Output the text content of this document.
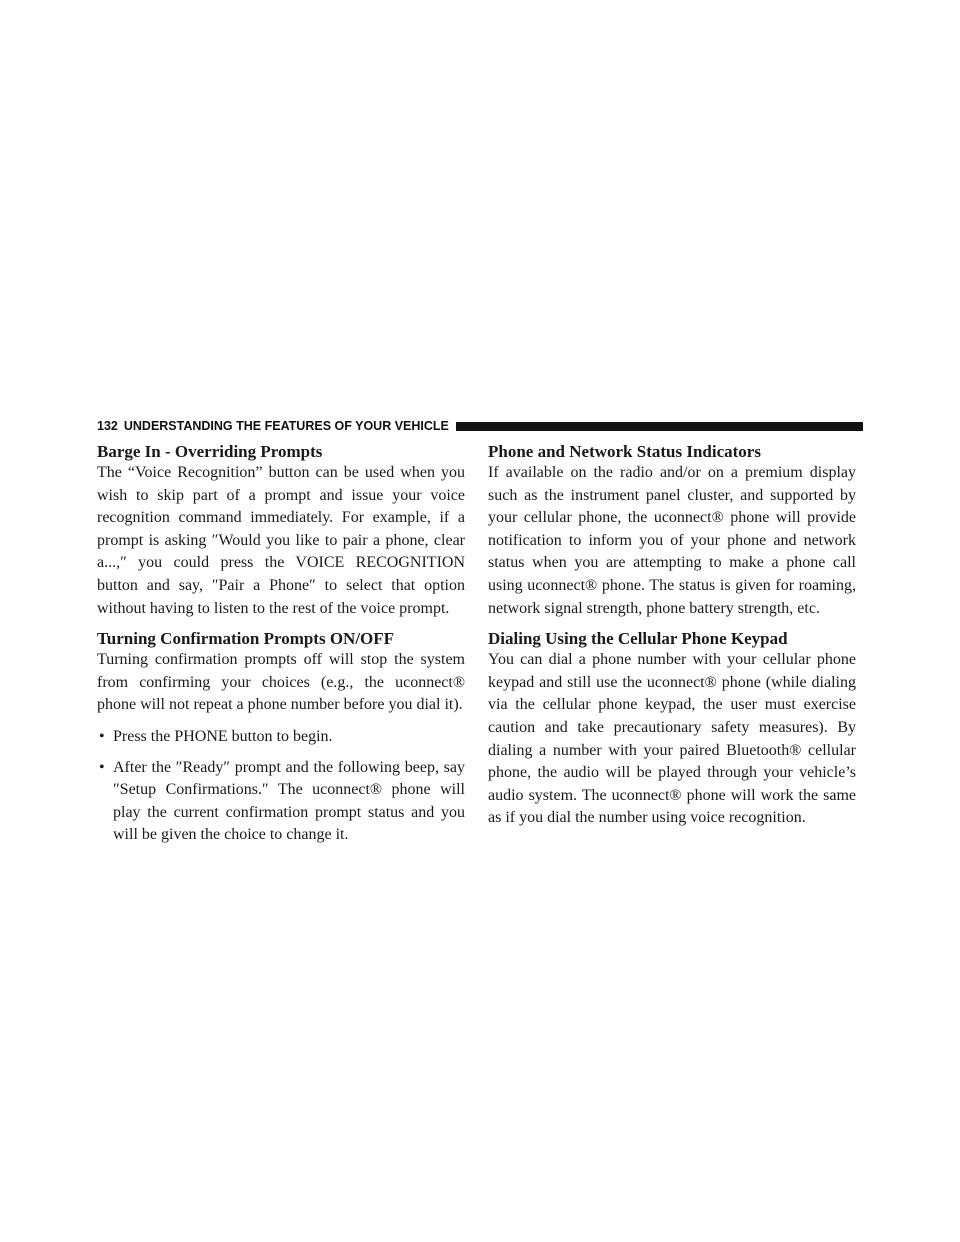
132 UNDERSTANDING THE FEATURES OF YOUR VEHICLE
Barge In - Overriding Prompts

The “Voice Recognition” button can be used when you wish to skip part of a prompt and issue your voice recognition command immediately. For example, if a prompt is asking ″Would you like to pair a phone, clear a...,″ you could press the VOICE RECOGNITION button and say, ″Pair a Phone″ to select that option without having to listen to the rest of the voice prompt.

Turning Confirmation Prompts ON/OFF

Turning confirmation prompts off will stop the system from confirming your choices (e.g., the uconnect® phone will not repeat a phone number before you dial it).

• Press the PHONE button to begin.
• After the ″Ready″ prompt and the following beep, say ″Setup Confirmations.″ The uconnect® phone will play the current confirmation prompt status and you will be given the choice to change it.
Phone and Network Status Indicators

If available on the radio and/or on a premium display such as the instrument panel cluster, and supported by your cellular phone, the uconnect® phone will provide notification to inform you of your phone and network status when you are attempting to make a phone call using uconnect® phone. The status is given for roaming, network signal strength, phone battery strength, etc.

Dialing Using the Cellular Phone Keypad

You can dial a phone number with your cellular phone keypad and still use the uconnect® phone (while dialing via the cellular phone keypad, the user must exercise caution and take precautionary safety measures). By dialing a number with your paired Bluetooth® cellular phone, the audio will be played through your vehicle’s audio system. The uconnect® phone will work the same as if you dial the number using voice recognition.
